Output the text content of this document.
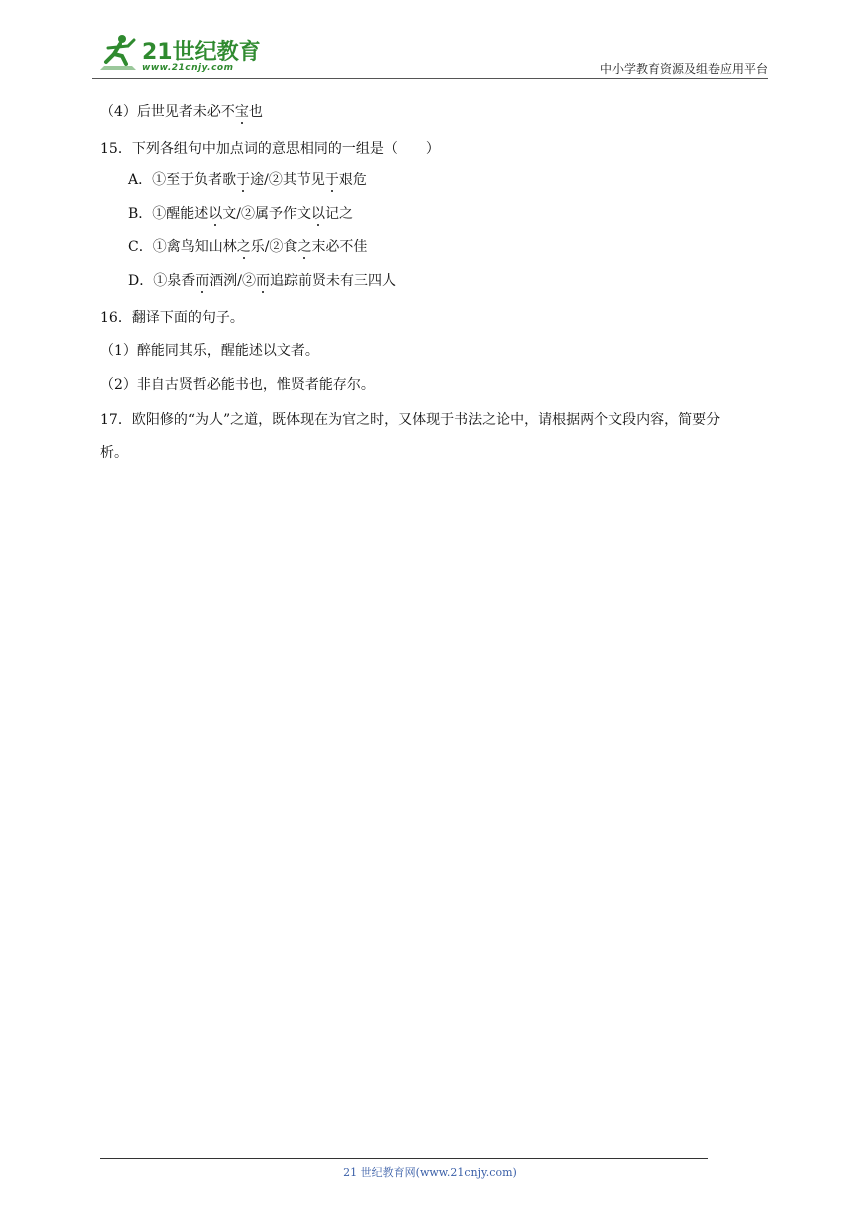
21世纪教育
www.21cnjy.com	中小学教育资源及组卷应用平台
（4）后世见者未必不宝也
15．下列各组句中加点词的意思相同的一组是（　　）
A．①至于负者歌于途/②其节见于艰危
B．①醒能述以文/②属予作文以记之
C．①禽鸟知山林之乐/②食之末必不佳
D．①泉香而酒洌/②而追踪前贤未有三四人
16．翻译下面的句子。
（1）醉能同其乐，醒能述以文者。
（2）非自古贤哲必能书也，惟贤者能存尔。
17．欧阳修的“为人”之道，既体现在为官之时，又体现于书法之论中，请根据两个文段内容，简要分
析。
21 世纪教育网(www.21cnjy.com)
